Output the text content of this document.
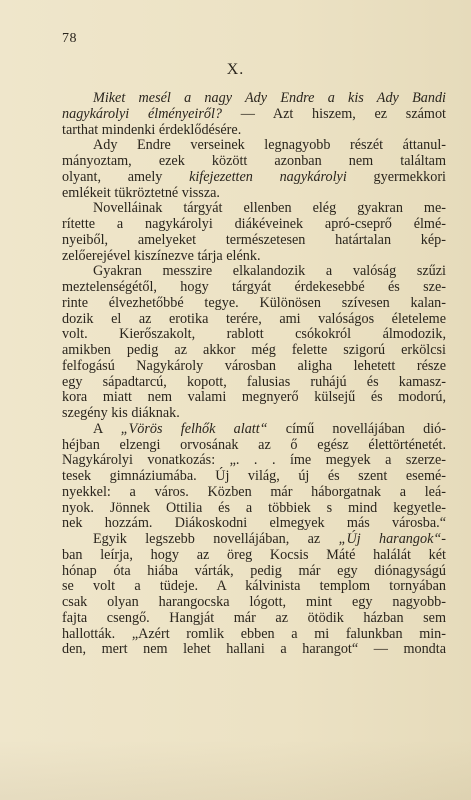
78
X.
Miket mesél a nagy Ady Endre a kis Ady Bandi
nagykárolyi élményeiről? — Azt hiszem, ez számot
tarthat mindenki érdeklődésére.
Ady Endre verseinek legnagyobb részét áttanul-
mányoztam, ezek között azonban nem találtam
olyant, amely kifejezetten nagykárolyi gyermekkori
emlékeit tükröztetné vissza.
Novelláinak tárgyát ellenben elég gyakran me-
rítette a nagykárolyi diákéveinek apró-cseprő élmé-
nyeiből, amelyeket természetesen határtalan kép-
zelőerejével kiszínezve tárja elénk.
Gyakran messzire elkalandozik a valóság szűzi
meztelenségétől, hogy tárgyát érdekesebbé és sze-
rinte élvezhetőbbé tegye. Különösen szívesen kalan-
dozik el az erotika terére, ami valóságos életeleme
volt. Kierőszakolt, rablott csókokról álmodozik,
amikben pedig az akkor még felette szigorú erkölcsi
felfogású Nagykároly városban aligha lehetett része
egy sápadtarcú, kopott, falusias ruhájú és kamasz-
kora miatt nem valami megnyerő külsejű és modorú,
szegény kis diáknak.
A „Vörös felhők alatt“ című novellájában dió-
héjban elzengi orvosának az ő egész élettörténetét.
Nagykárolyi vonatkozás: „. . . íme megyek a szerze-
tesek gimnáziumába. Új világ, új és szent esemé-
nyekkel: a város. Közben már háborgatnak a leá-
nyok. Jönnek Ottilia és a többiek s mind kegyetle-
nek hozzám. Diákoskodni elmegyek más városba.“
Egyik legszebb novellájában, az „Új harangok“-
ban leírja, hogy az öreg Kocsis Máté halálát két
hónap óta hiába várták, pedig már egy diónagyságú
se volt a tüdeje. A kálvinista templom tornyában
csak olyan harangocska lógott, mint egy nagyobb-
fajta csengő. Hangját már az ötödik házban sem
hallották. „Azért romlik ebben a mi falunkban min-
den, mert nem lehet hallani a harangot“ — mondta
